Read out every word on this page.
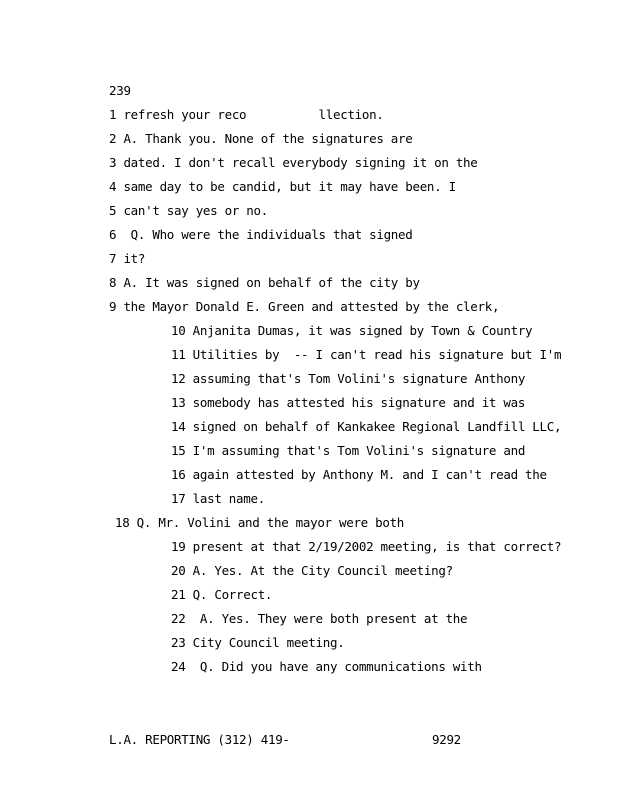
239
1 refresh your reco          llection.
2 A. Thank you. None of the signatures are
3 dated. I don't recall everybody signing it on the
4 same day to be candid, but it may have been. I
5 can't say yes or no.
6  Q. Who were the individuals that signed
7 it?
8 A. It was signed on behalf of the city by
9 the Mayor Donald E. Green and attested by the clerk,
10 Anjanita Dumas, it was signed by Town & Country
11 Utilities by  -- I can't read his signature but I'm
12 assuming that's Tom Volini's signature Anthony
13 somebody has attested his signature and it was
14 signed on behalf of Kankakee Regional Landfill LLC,
15 I'm assuming that's Tom Volini's signature and
16 again attested by Anthony M. and I can't read the
17 last name.
18 Q. Mr. Volini and the mayor were both
19 present at that 2/19/2002 meeting, is that correct?
20 A. Yes. At the City Council meeting?
21 Q. Correct.
22  A. Yes. They were both present at the
23 City Council meeting.
24  Q. Did you have any communications with
L.A. REPORTING (312) 419-	9292
